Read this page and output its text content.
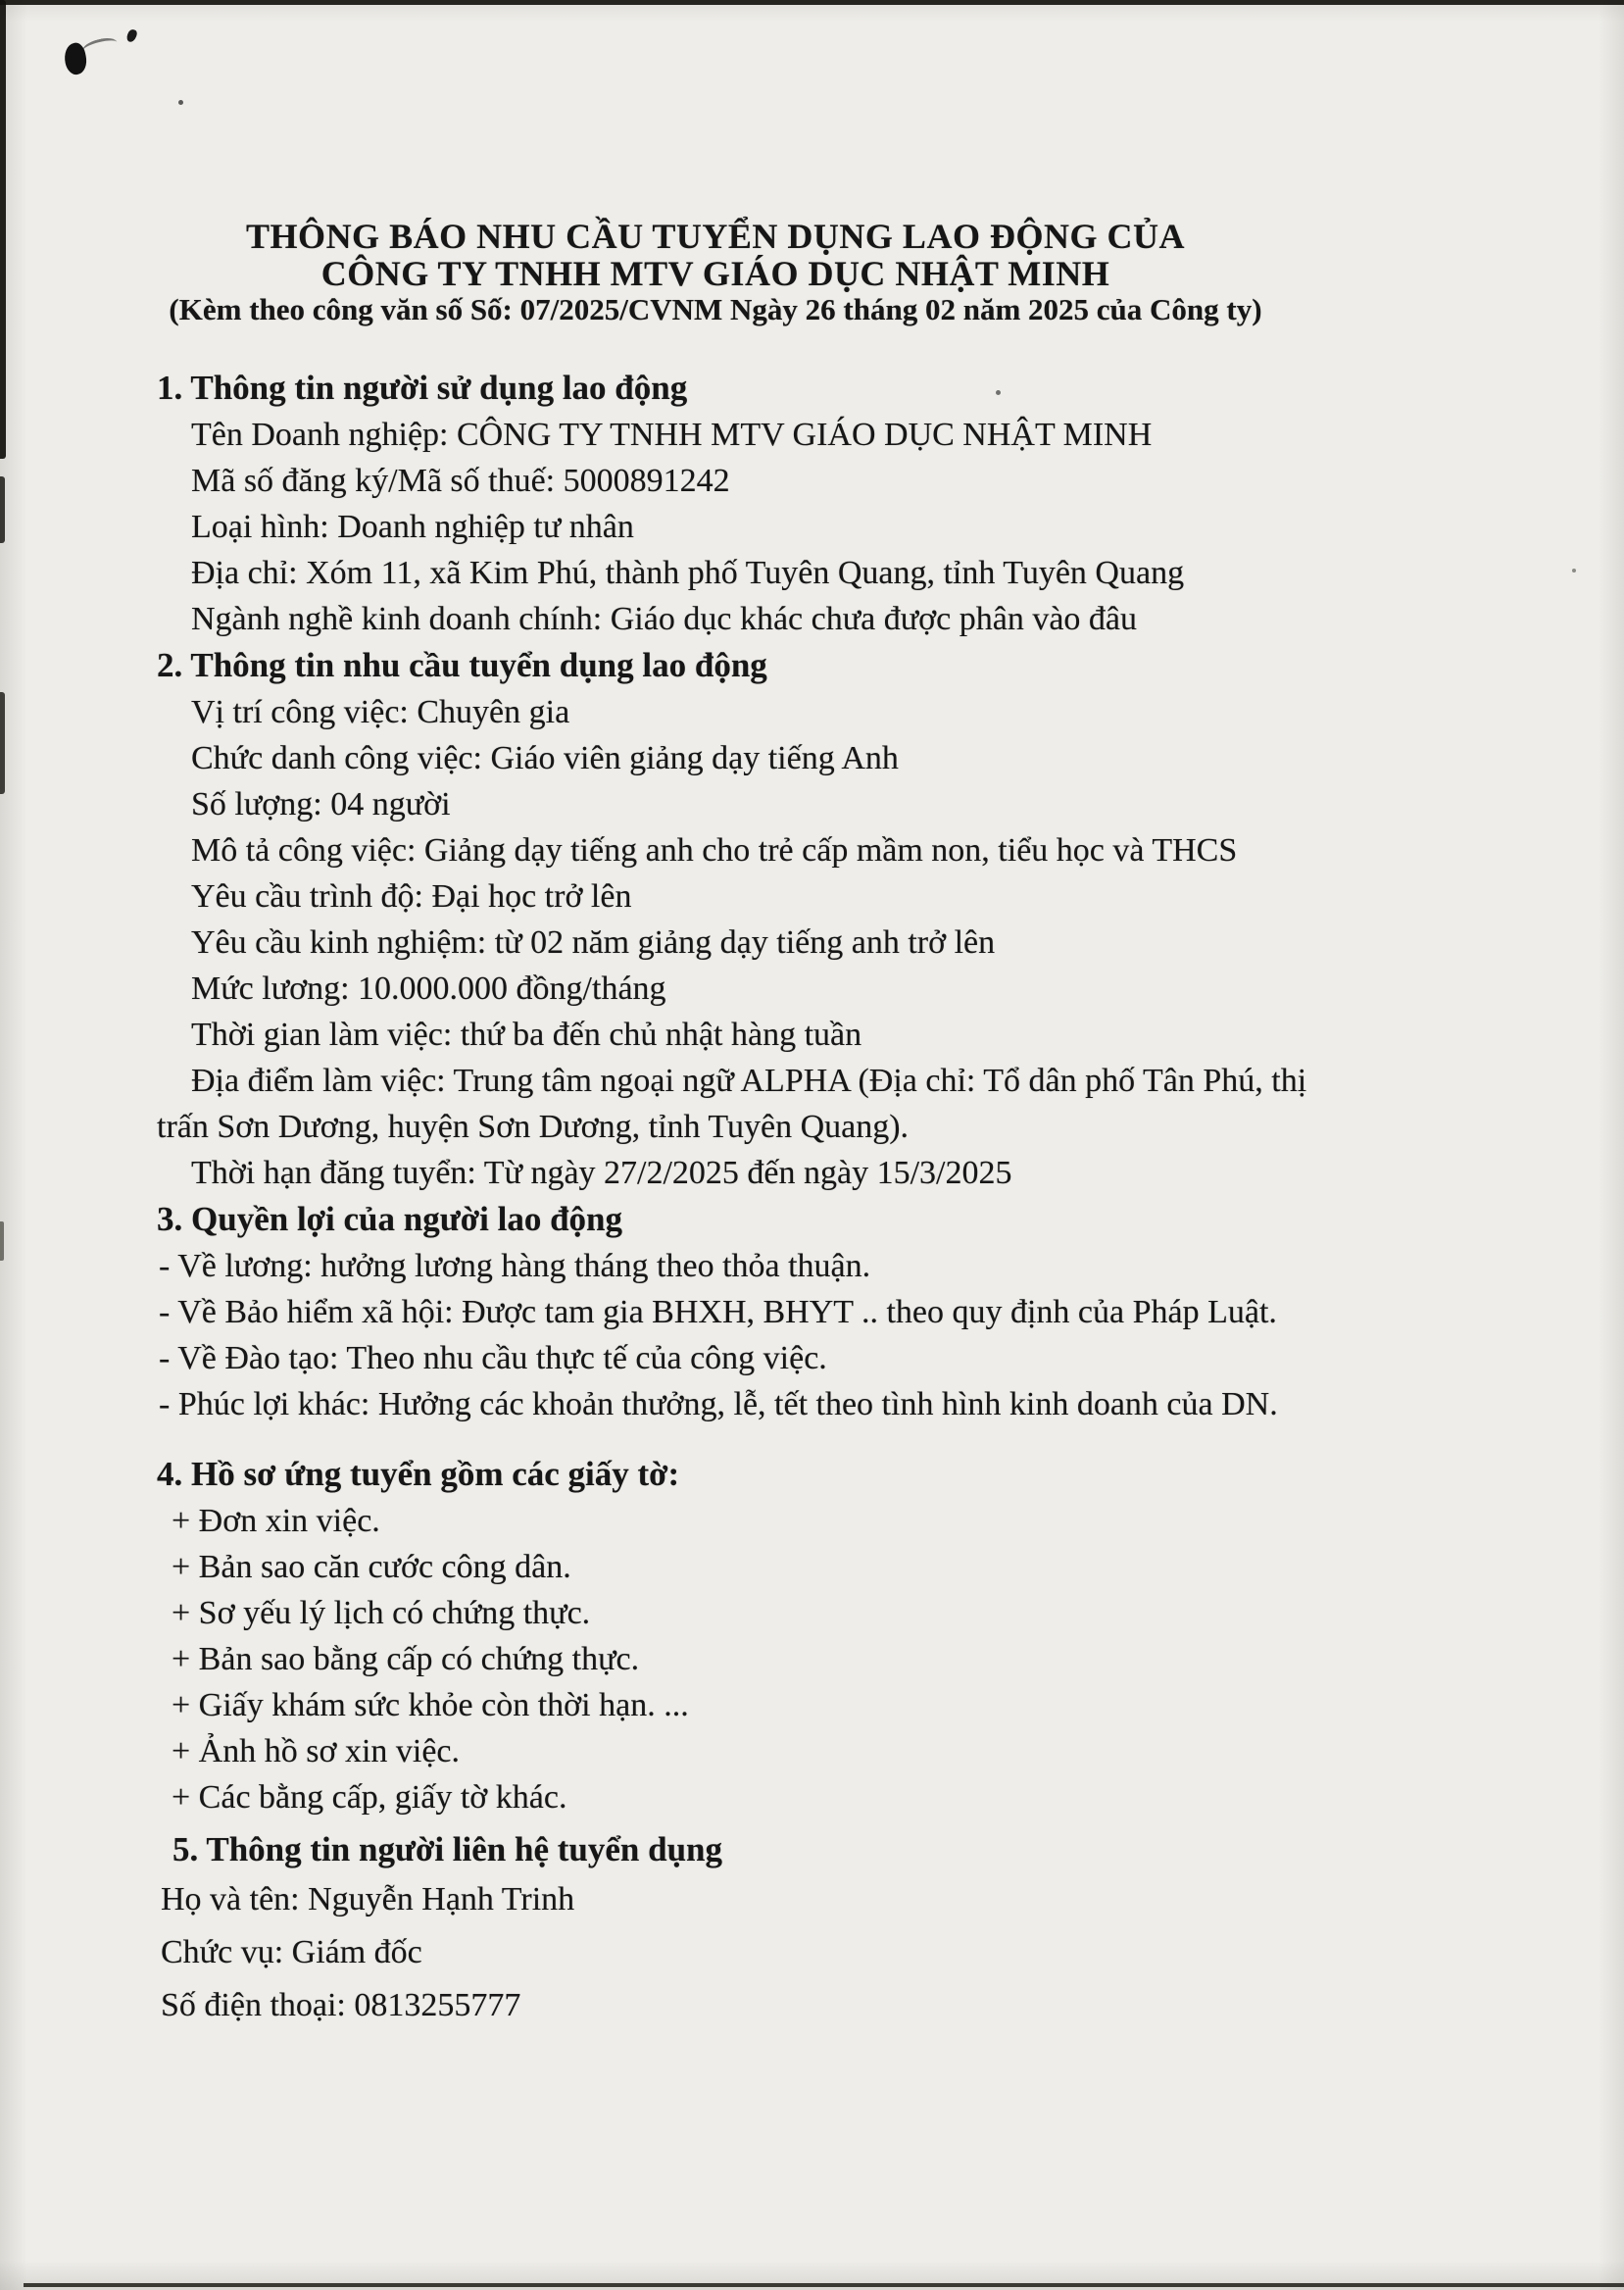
THÔNG BÁO NHU CẦU TUYỂN DỤNG LAO ĐỘNG CỦA

CÔNG TY TNHH MTV GIÁO DỤC NHẬT MINH

(Kèm theo công văn số Số: 07/2025/CVNM Ngày 26 tháng 02 năm 2025 của Công ty)

1. Thông tin người sử dụng lao động

Tên Doanh nghiệp: CÔNG TY TNHH MTV GIÁO DỤC NHẬT MINH

Mã số đăng ký/Mã số thuế: 5000891242

Loại hình: Doanh nghiệp tư nhân

Địa chỉ: Xóm 11, xã Kim Phú, thành phố Tuyên Quang, tỉnh Tuyên Quang

Ngành nghề kinh doanh chính: Giáo dục khác chưa được phân vào đâu

2. Thông tin nhu cầu tuyển dụng lao động

Vị trí công việc: Chuyên gia

Chức danh công việc: Giáo viên giảng dạy tiếng Anh

Số lượng: 04 người

Mô tả công việc: Giảng dạy tiếng anh cho trẻ cấp mầm non, tiểu học và THCS

Yêu cầu trình độ: Đại học trở lên

Yêu cầu kinh nghiệm: từ 02 năm giảng dạy tiếng anh trở lên

Mức lương: 10.000.000 đồng/tháng

Thời gian làm việc: thứ ba đến chủ nhật hàng tuần

Địa điểm làm việc: Trung tâm ngoại ngữ ALPHA (Địa chỉ: Tổ dân phố Tân Phú, thị

trấn Sơn Dương, huyện Sơn Dương, tỉnh Tuyên Quang).

Thời hạn đăng tuyển: Từ ngày 27/2/2025 đến ngày 15/3/2025

3. Quyền lợi của người lao động

- Về lương: hưởng lương hàng tháng theo thỏa thuận.

- Về Bảo hiểm xã hội: Được tam gia BHXH, BHYT .. theo quy định của Pháp Luật.

- Về Đào tạo: Theo nhu cầu thực tế của công việc.

- Phúc lợi khác: Hưởng các khoản thưởng, lễ, tết theo tình hình kinh doanh của DN.

4. Hồ sơ ứng tuyển gồm các giấy tờ:

+ Đơn xin việc.

+ Bản sao căn cước công dân.

+ Sơ yếu lý lịch có chứng thực.

+ Bản sao bằng cấp có chứng thực.

+ Giấy khám sức khỏe còn thời hạn. ...

+ Ảnh hồ sơ xin việc.

+ Các bằng cấp, giấy tờ khác.

5. Thông tin người liên hệ tuyển dụng

Họ và tên: Nguyễn Hạnh Trinh

Chức vụ: Giám đốc

Số điện thoại: 0813255777
